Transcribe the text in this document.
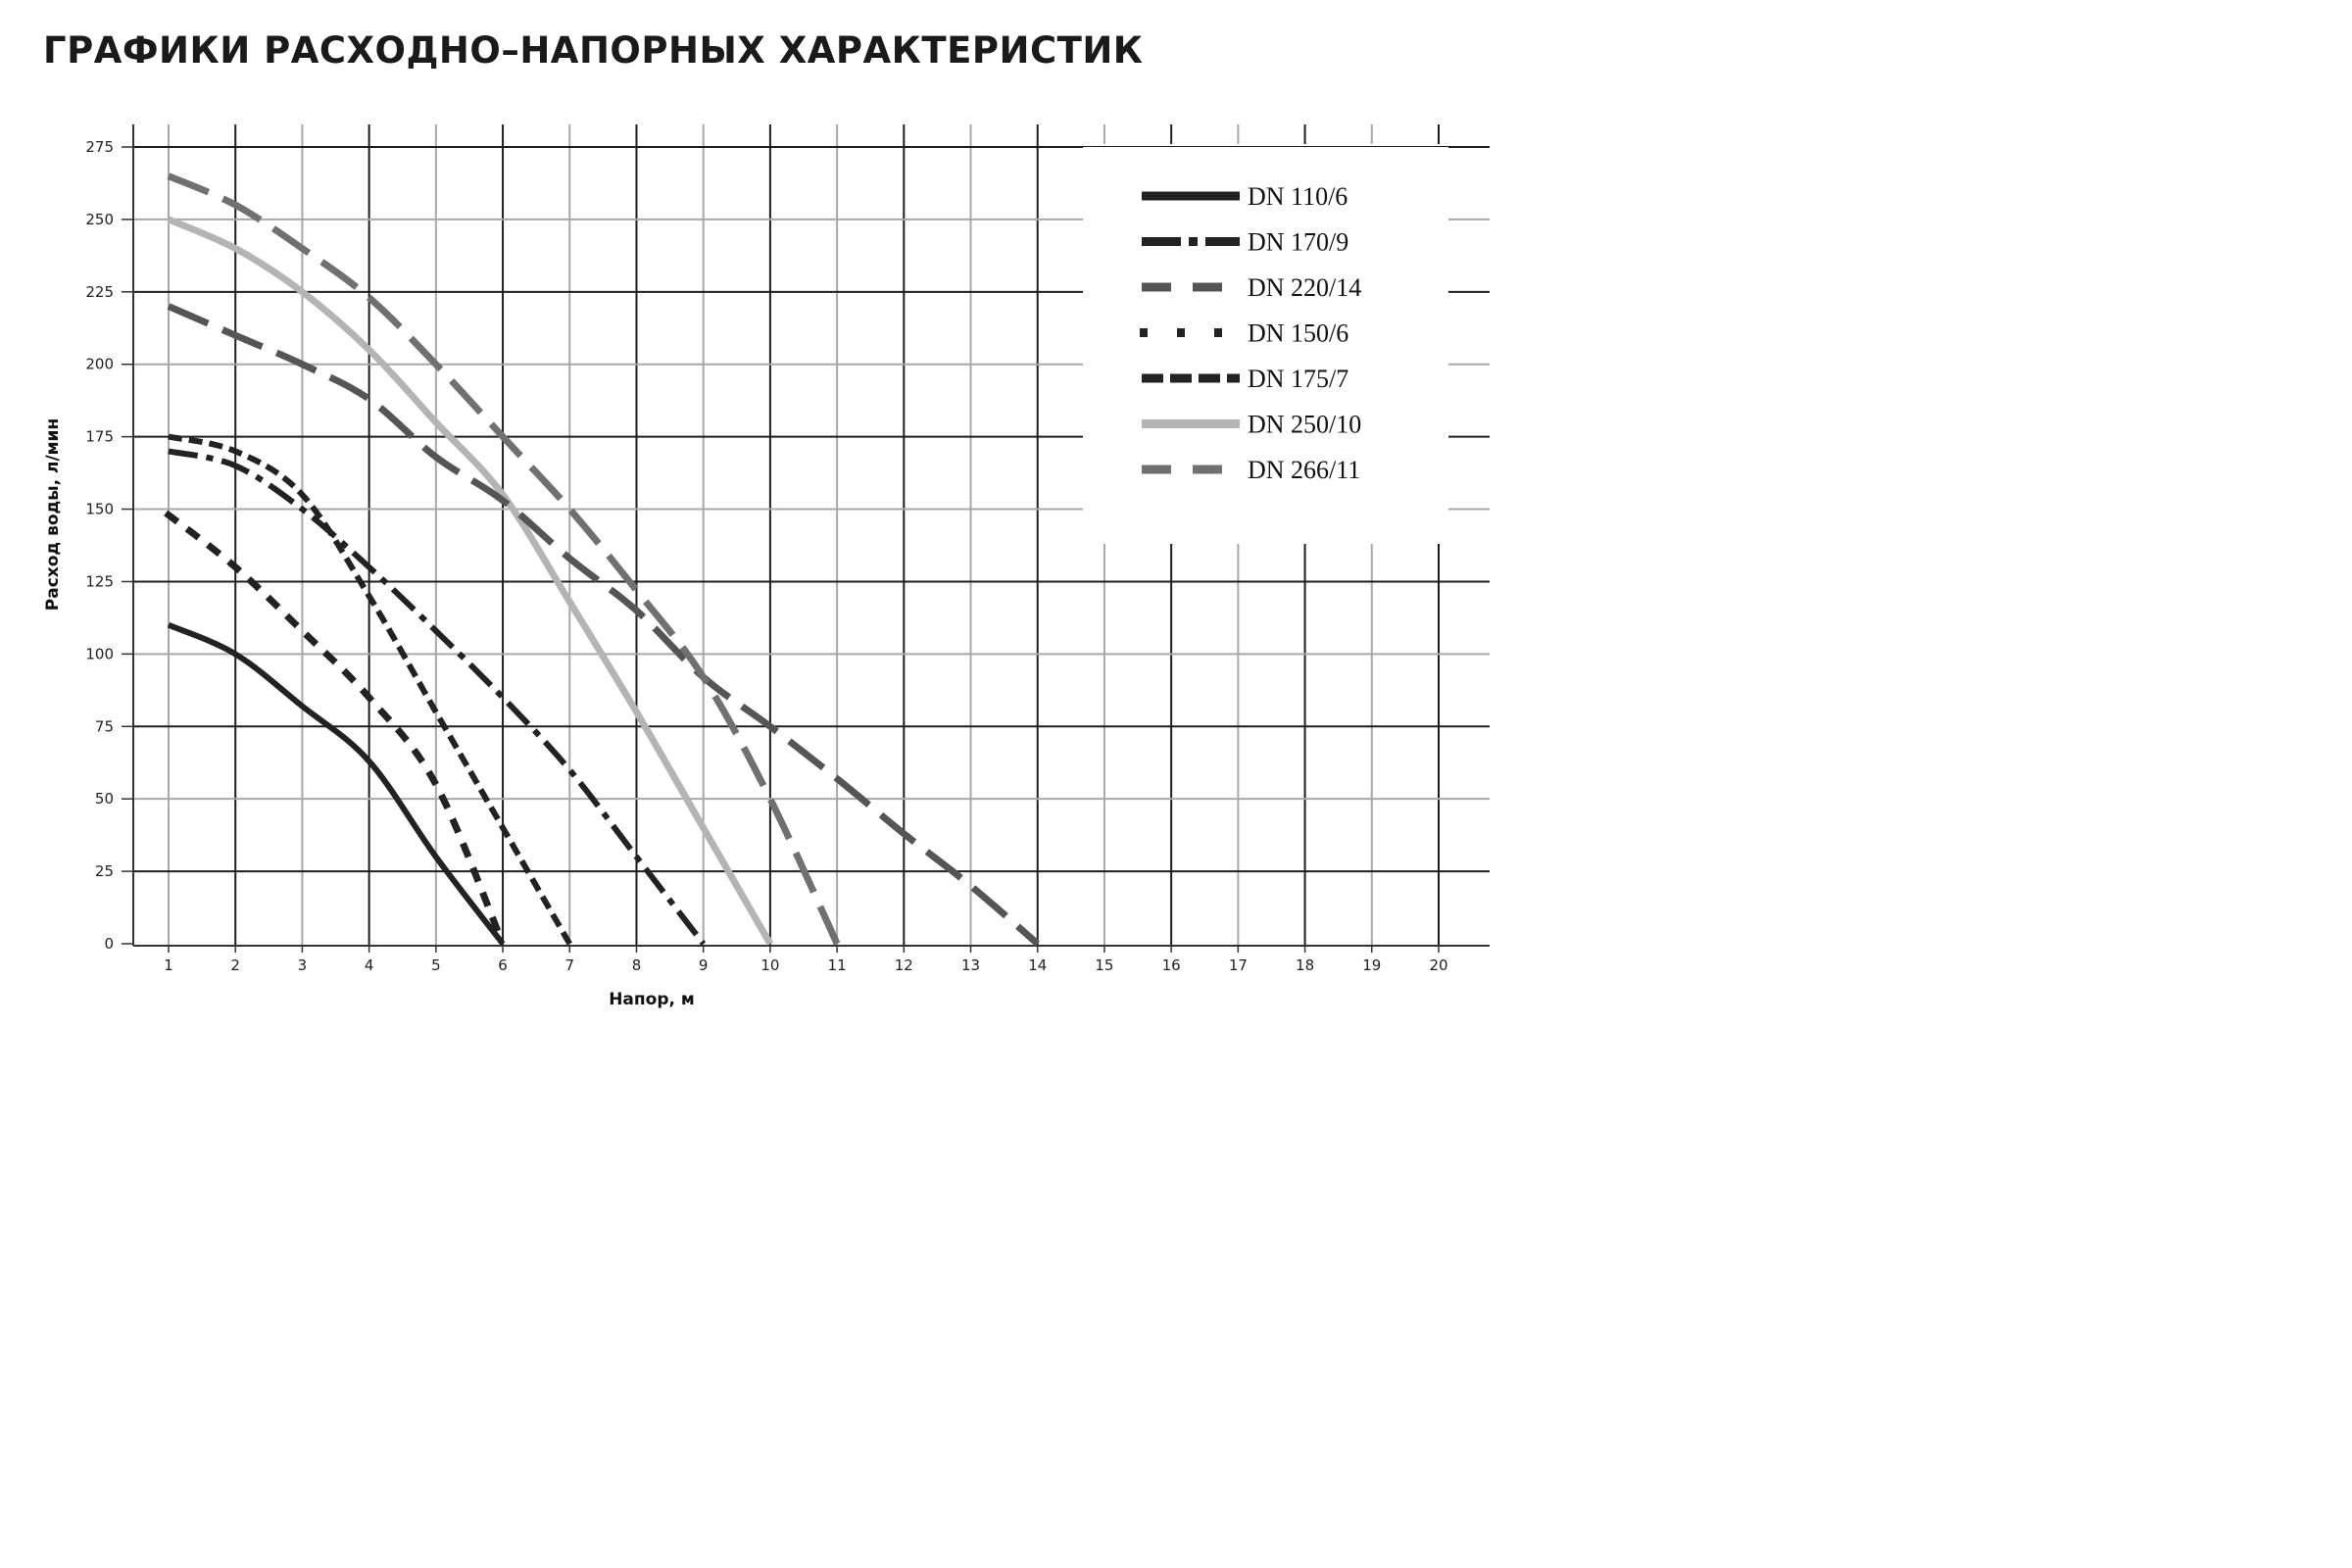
ГРАФИКИ РАСХОДНО–НАПОРНЫХ ХАРАКТЕРИСТИК
DN 110/6
DN 170/9
DN 220/14
DN 150/6
DN 175/7
DN 250/10
DN 266/11
Расход воды, л/мин
Напор, м
0
25
50
75
100
125
150
175
200
225
250
275
1	2	3	4	5	6	7	8	9	10	11	12	13	14	15	16	17	18	19	20
